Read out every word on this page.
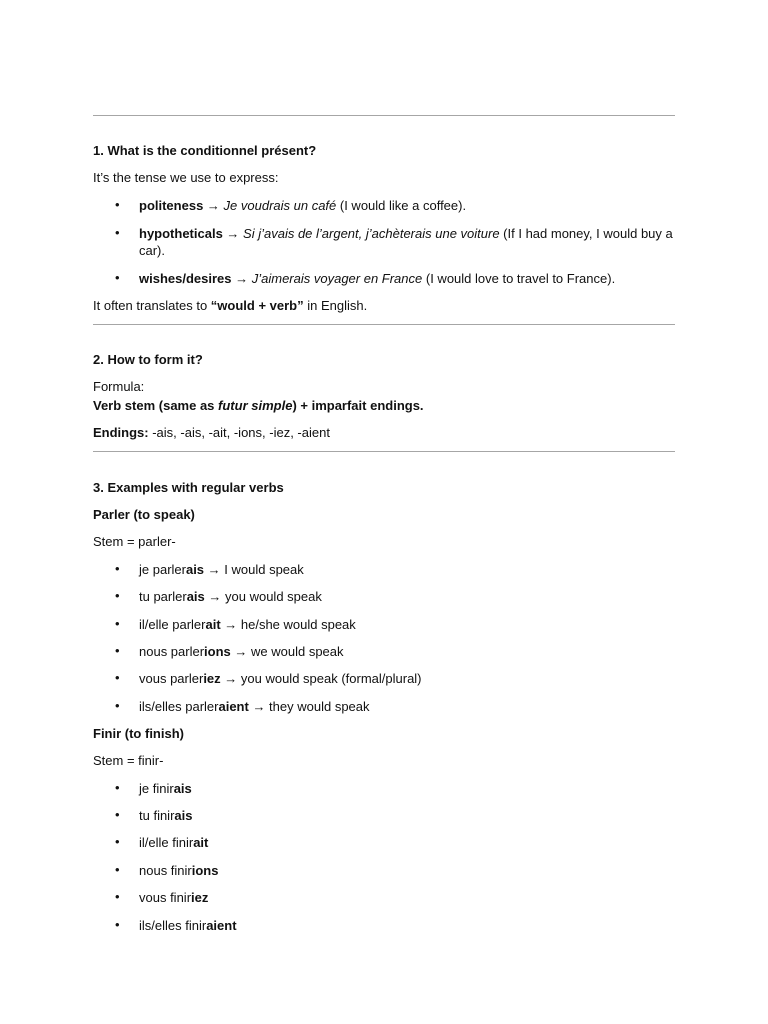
1. What is the conditionnel présent?
It’s the tense we use to express:
• politeness → Je voudrais un café (I would like a coffee).
• hypotheticals → Si j’avais de l’argent, j’achèterais une voiture (If I had money, I would buy a car).
• wishes/desires → J’aimerais voyager en France (I would love to travel to France).
It often translates to “would + verb” in English.
2. How to form it?
Formula:
Verb stem (same as futur simple) + imparfait endings.
Endings: -ais, -ais, -ait, -ions, -iez, -aient
3. Examples with regular verbs
Parler (to speak)
Stem = parler-
• je parlerais → I would speak
• tu parlerais → you would speak
• il/elle parlerait → he/she would speak
• nous parlerions → we would speak
• vous parleriez → you would speak (formal/plural)
• ils/elles parleraient → they would speak
Finir (to finish)
Stem = finir-
• je finirais
• tu finirais
• il/elle finirait
• nous finirions
• vous finiriez
• ils/elles finiraient
